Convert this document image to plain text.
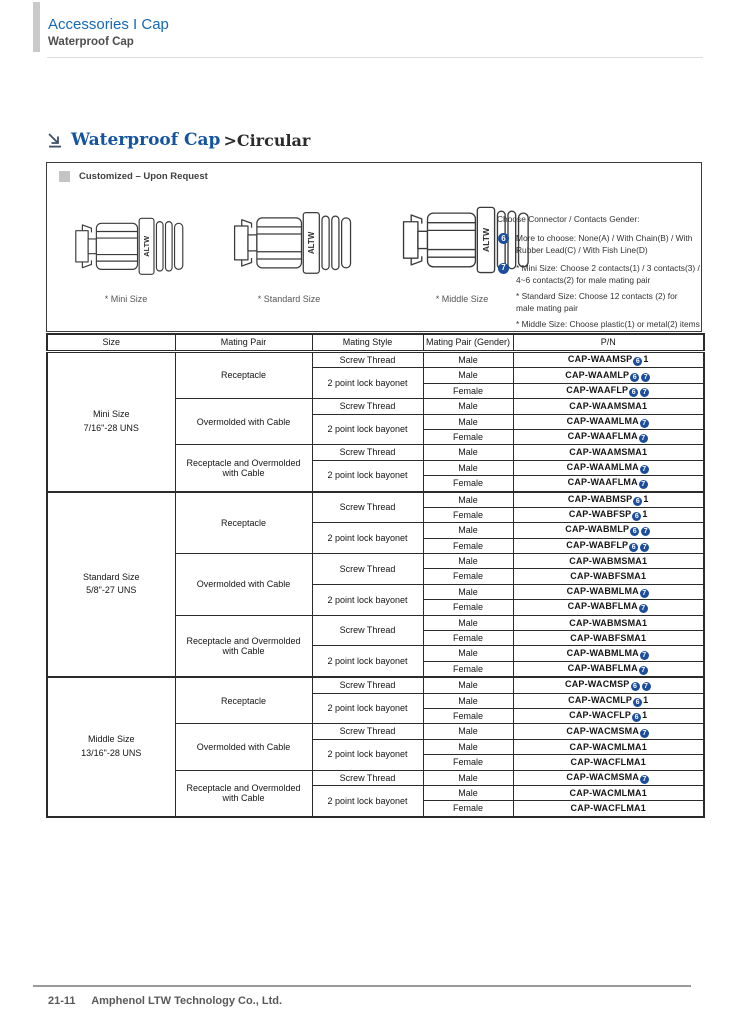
Accessories I Cap
Waterproof Cap
Waterproof Cap >Circular
Customized – Upon Request
ALTW
* Mini Size
ALTW
* Standard Size
ALTW
* Middle Size
Choose Connector / Contacts Gender:
6	More to choose: None(A) / With Chain(B) / With
Rubber Lead(C) / With Fish Line(D)
7	* Mini Size: Choose 2 contacts(1) / 3 contacts(3) /
4~6 contacts(2) for male mating pair
* Standard Size: Choose 12 contacts (2) for
male mating pair
* Middle Size: Choose plastic(1) or metal(2) items
Size	Mating Pair	Mating Style	Mating Pair (Gender)	P/N

Mini Size
7/16"-28 UNS	Receptacle	Screw Thread	Male	CAP-WAAMSP 6 1
		2 point lock bayonet	Male	CAP-WAAMLP 6 7
			Female	CAP-WAAFLP 6 7
	Overmolded with Cable	Screw Thread	Male	CAP-WAAMSMA1
		2 point lock bayonet	Male	CAP-WAAMLMA 7
			Female	CAP-WAAFLMA 7
	Receptacle and Overmolded with Cable	Screw Thread	Male	CAP-WAAMSMA1
		2 point lock bayonet	Male	CAP-WAAMLMA 7
			Female	CAP-WAAFLMA 7

Standard Size
5/8"-27 UNS	Receptacle	Screw Thread	Male	CAP-WABMSP 6 1
			Female	CAP-WABFSP 6 1
		2 point lock bayonet	Male	CAP-WABMLP 6 7
			Female	CAP-WABFLP 6 7
	Overmolded with Cable	Screw Thread	Male	CAP-WABMSMA1
			Female	CAP-WABFSMA1
		2 point lock bayonet	Male	CAP-WABMLMA 7
			Female	CAP-WABFLMA 7
	Receptacle and Overmolded with Cable	Screw Thread	Male	CAP-WABMSMA1
			Female	CAP-WABFSMA1
		2 point lock bayonet	Male	CAP-WABMLMA 7
			Female	CAP-WABFLMA 7

Middle Size
13/16"-28 UNS	Receptacle	Screw Thread	Male	CAP-WACMSP 6 7
		2 point lock bayonet	Male	CAP-WACMLP 6 1
			Female	CAP-WACFLP 6 1
	Overmolded with Cable	Screw Thread	Male	CAP-WACMSMA 7
		2 point lock bayonet	Male	CAP-WACMLMA1
			Female	CAP-WACFLMA1
	Receptacle and Overmolded with Cable	Screw Thread	Male	CAP-WACMSMA 7
		2 point lock bayonet	Male	CAP-WACMLMA1
			Female	CAP-WACFLMA1
21-11 Amphenol LTW Technology Co., Ltd.
